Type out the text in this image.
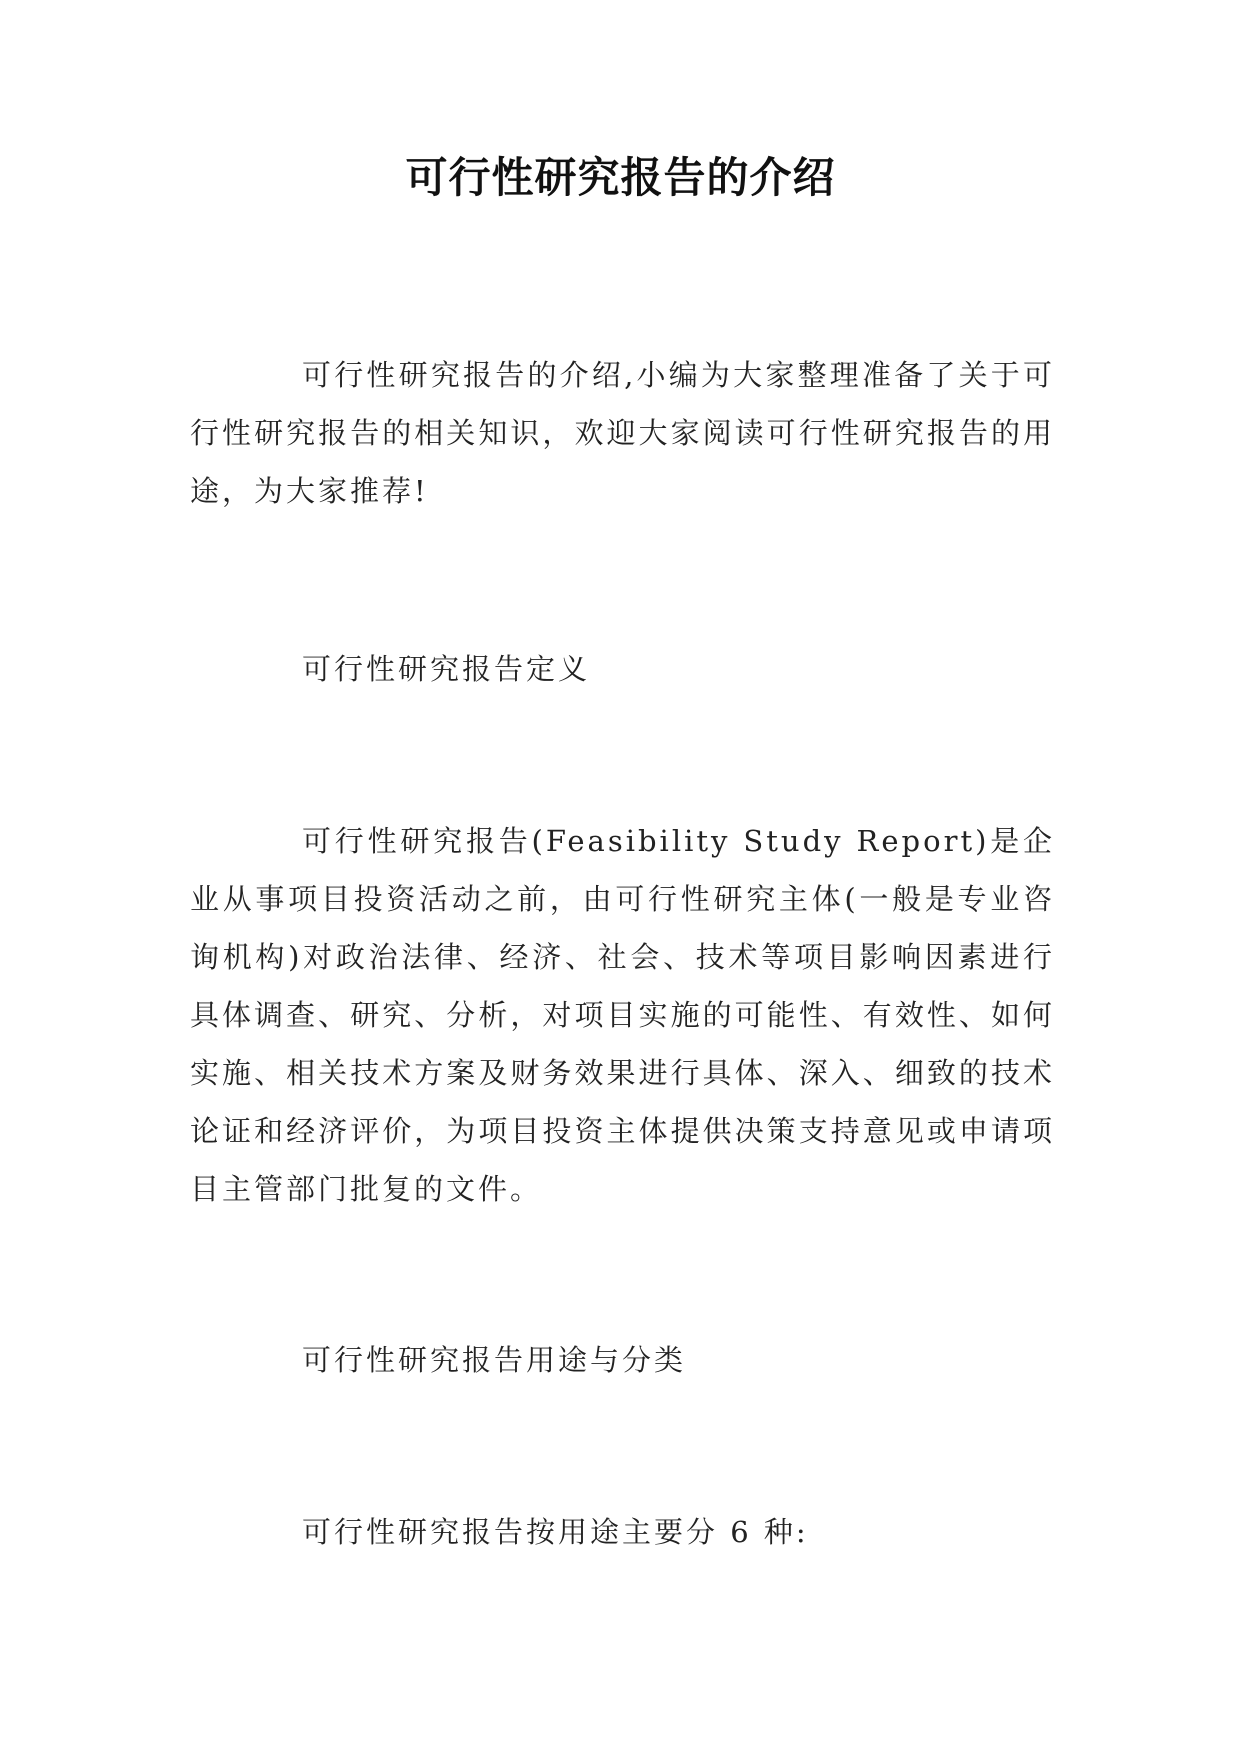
可行性研究报告的介绍
可行性研究报告的介绍,小编为大家整理准备了关于可行性研究报告的相关知识，欢迎大家阅读可行性研究报告的用途，为大家推荐!
可行性研究报告定义
可行性研究报告(Feasibility Study Report)是企业从事项目投资活动之前，由可行性研究主体(一般是专业咨询机构)对政治法律、经济、社会、技术等项目影响因素进行具体调查、研究、分析，对项目实施的可能性、有效性、如何实施、相关技术方案及财务效果进行具体、深入、细致的技术论证和经济评价，为项目投资主体提供决策支持意见或申请项目主管部门批复的文件。
可行性研究报告用途与分类
可行性研究报告按用途主要分 6 种:
